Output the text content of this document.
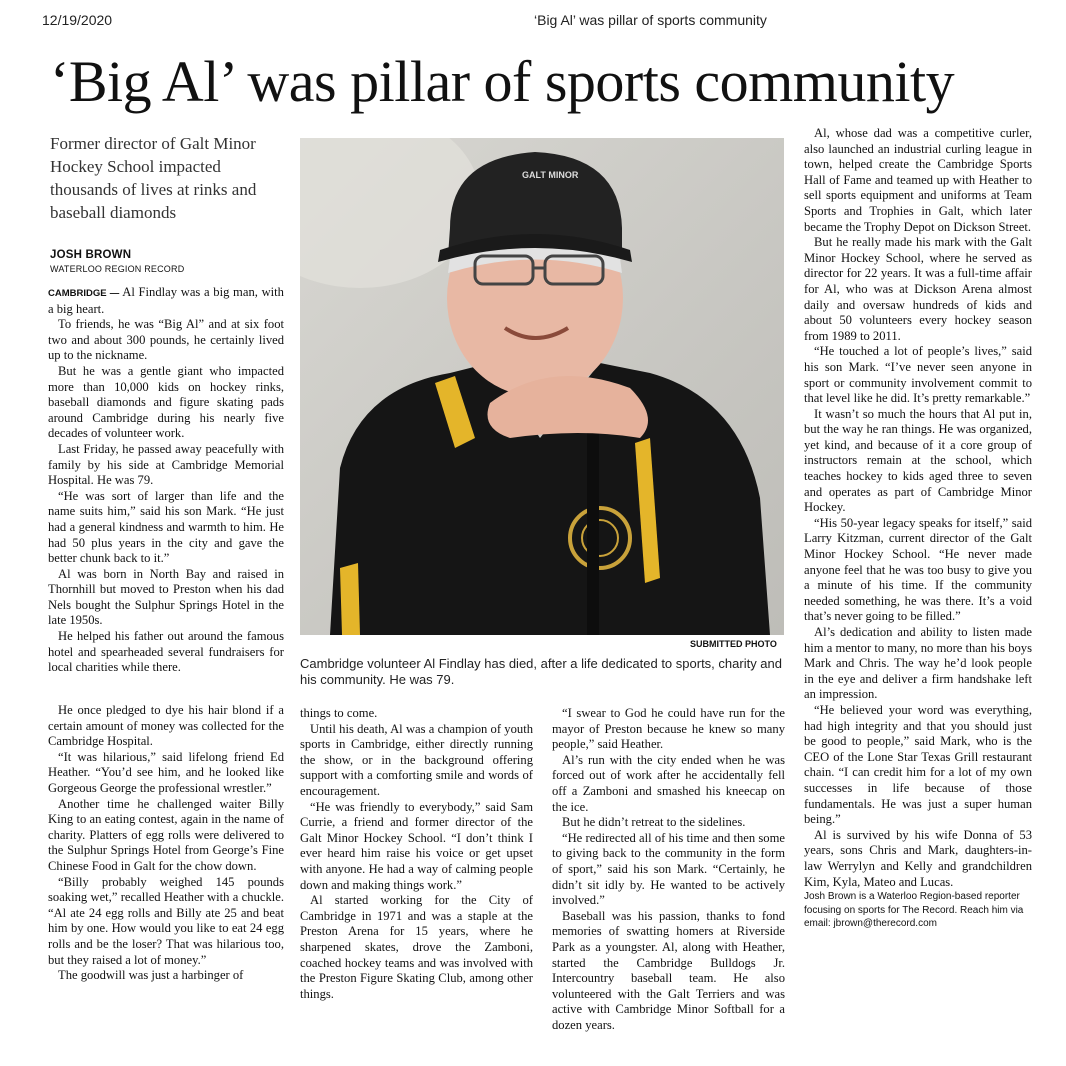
12/19/2020	‘Big Al’ was pillar of sports community
‘Big Al’ was pillar of sports community
Former director of Galt Minor Hockey School impacted thousands of lives at rinks and baseball diamonds
JOSH BROWN
WATERLOO REGION RECORD

CAMBRIDGE — Al Findlay was a big man, with a big heart.

To friends, he was “Big Al” and at six foot two and about 300 pounds, he certainly lived up to the nickname.

But he was a gentle giant who impacted more than 10,000 kids on hockey rinks, baseball diamonds and figure skating pads around Cambridge during his nearly five decades of volunteer work.

Last Friday, he passed away peacefully with family by his side at Cambridge Memorial Hospital. He was 79.

“He was sort of larger than life and the name suits him,” said his son Mark. “He just had a general kindness and warmth to him. He had 50 plus years in the city and gave the better chunk back to it.”

Al was born in North Bay and raised in Thornhill but moved to Preston when his dad Nels bought the Sulphur Springs Hotel in the late 1950s.

He helped his father out around the famous hotel and spearheaded several fundraisers for local charities while there.

GALT MINOR
SUBMITTED PHOTO
Cambridge volunteer Al Findlay has died, after a life dedicated to sports, charity and his community. He was 79.

He once pledged to dye his hair blond if a certain amount of money was collected for the Cambridge Hospital.

“It was hilarious,” said lifelong friend Ed Heather. “You’d see him, and he looked like Gorgeous George the professional wrestler.”

Another time he challenged waiter Billy King to an eating contest, again in the name of charity. Platters of egg rolls were delivered to the Sulphur Springs Hotel from George’s Fine Chinese Food in Galt for the chow down.

“Billy probably weighed 145 pounds soaking wet,” recalled Heather with a chuckle. “Al ate 24 egg rolls and Billy ate 25 and beat him by one. How would you like to eat 24 egg rolls and be the loser? That was hilarious too, but they raised a lot of money.”

The goodwill was just a harbinger of

things to come.

Until his death, Al was a champion of youth sports in Cambridge, either directly running the show, or in the background offering support with a comforting smile and words of encouragement.

“He was friendly to everybody,” said Sam Currie, a friend and former director of the Galt Minor Hockey School. “I don’t think I ever heard him raise his voice or get upset with anyone. He had a way of calming people down and making things work.”

Al started working for the City of Cambridge in 1971 and was a staple at the Preston Arena for 15 years, where he sharpened skates, drove the Zamboni, coached hockey teams and was involved with the Preston Figure Skating Club, among other things.

“I swear to God he could have run for the mayor of Preston because he knew so many people,” said Heather.

Al’s run with the city ended when he was forced out of work after he accidentally fell off a Zamboni and smashed his kneecap on the ice.

But he didn’t retreat to the sidelines.

“He redirected all of his time and then some to giving back to the community in the form of sport,” said his son Mark. “Certainly, he didn’t sit idly by. He wanted to be actively involved.”

Baseball was his passion, thanks to fond memories of swatting homers at Riverside Park as a youngster. Al, along with Heather, started the Cambridge Bulldogs Jr. Intercountry baseball team. He also volunteered with the Galt Terriers and was active with Cambridge Minor Softball for a dozen years.

Al, whose dad was a competitive curler, also launched an industrial curling league in town, helped create the Cambridge Sports Hall of Fame and teamed up with Heather to sell sports equipment and uniforms at Team Sports and Trophies in Galt, which later became the Trophy Depot on Dickson Street.

But he really made his mark with the Galt Minor Hockey School, where he served as director for 22 years. It was a full-time affair for Al, who was at Dickson Arena almost daily and oversaw hundreds of kids and about 50 volunteers every hockey season from 1989 to 2011.

“He touched a lot of people’s lives,” said his son Mark. “I’ve never seen anyone in sport or community involvement commit to that level like he did. It’s pretty remarkable.”

It wasn’t so much the hours that Al put in, but the way he ran things. He was organized, yet kind, and because of it a core group of instructors remain at the school, which teaches hockey to kids aged three to seven and operates as part of Cambridge Minor Hockey.

“His 50-year legacy speaks for itself,” said Larry Kitzman, current director of the Galt Minor Hockey School. “He never made anyone feel that he was too busy to give you a minute of his time. If the community needed something, he was there. It’s a void that’s never going to be filled.”

Al’s dedication and ability to listen made him a mentor to many, no more than his boys Mark and Chris. The way he’d look people in the eye and deliver a firm handshake left an impression.

“He believed your word was everything, had high integrity and that you should just be good to people,” said Mark, who is the CEO of the Lone Star Texas Grill restaurant chain. “I can credit him for a lot of my own successes in life because of those fundamentals. He was just a super human being.”

Al is survived by his wife Donna of 53 years, sons Chris and Mark, daughters-in-law Werrylyn and Kelly and grandchildren Kim, Kyla, Mateo and Lucas.

Josh Brown is a Waterloo Region-based reporter focusing on sports for The Record. Reach him via email: jbrown@therecord.com
